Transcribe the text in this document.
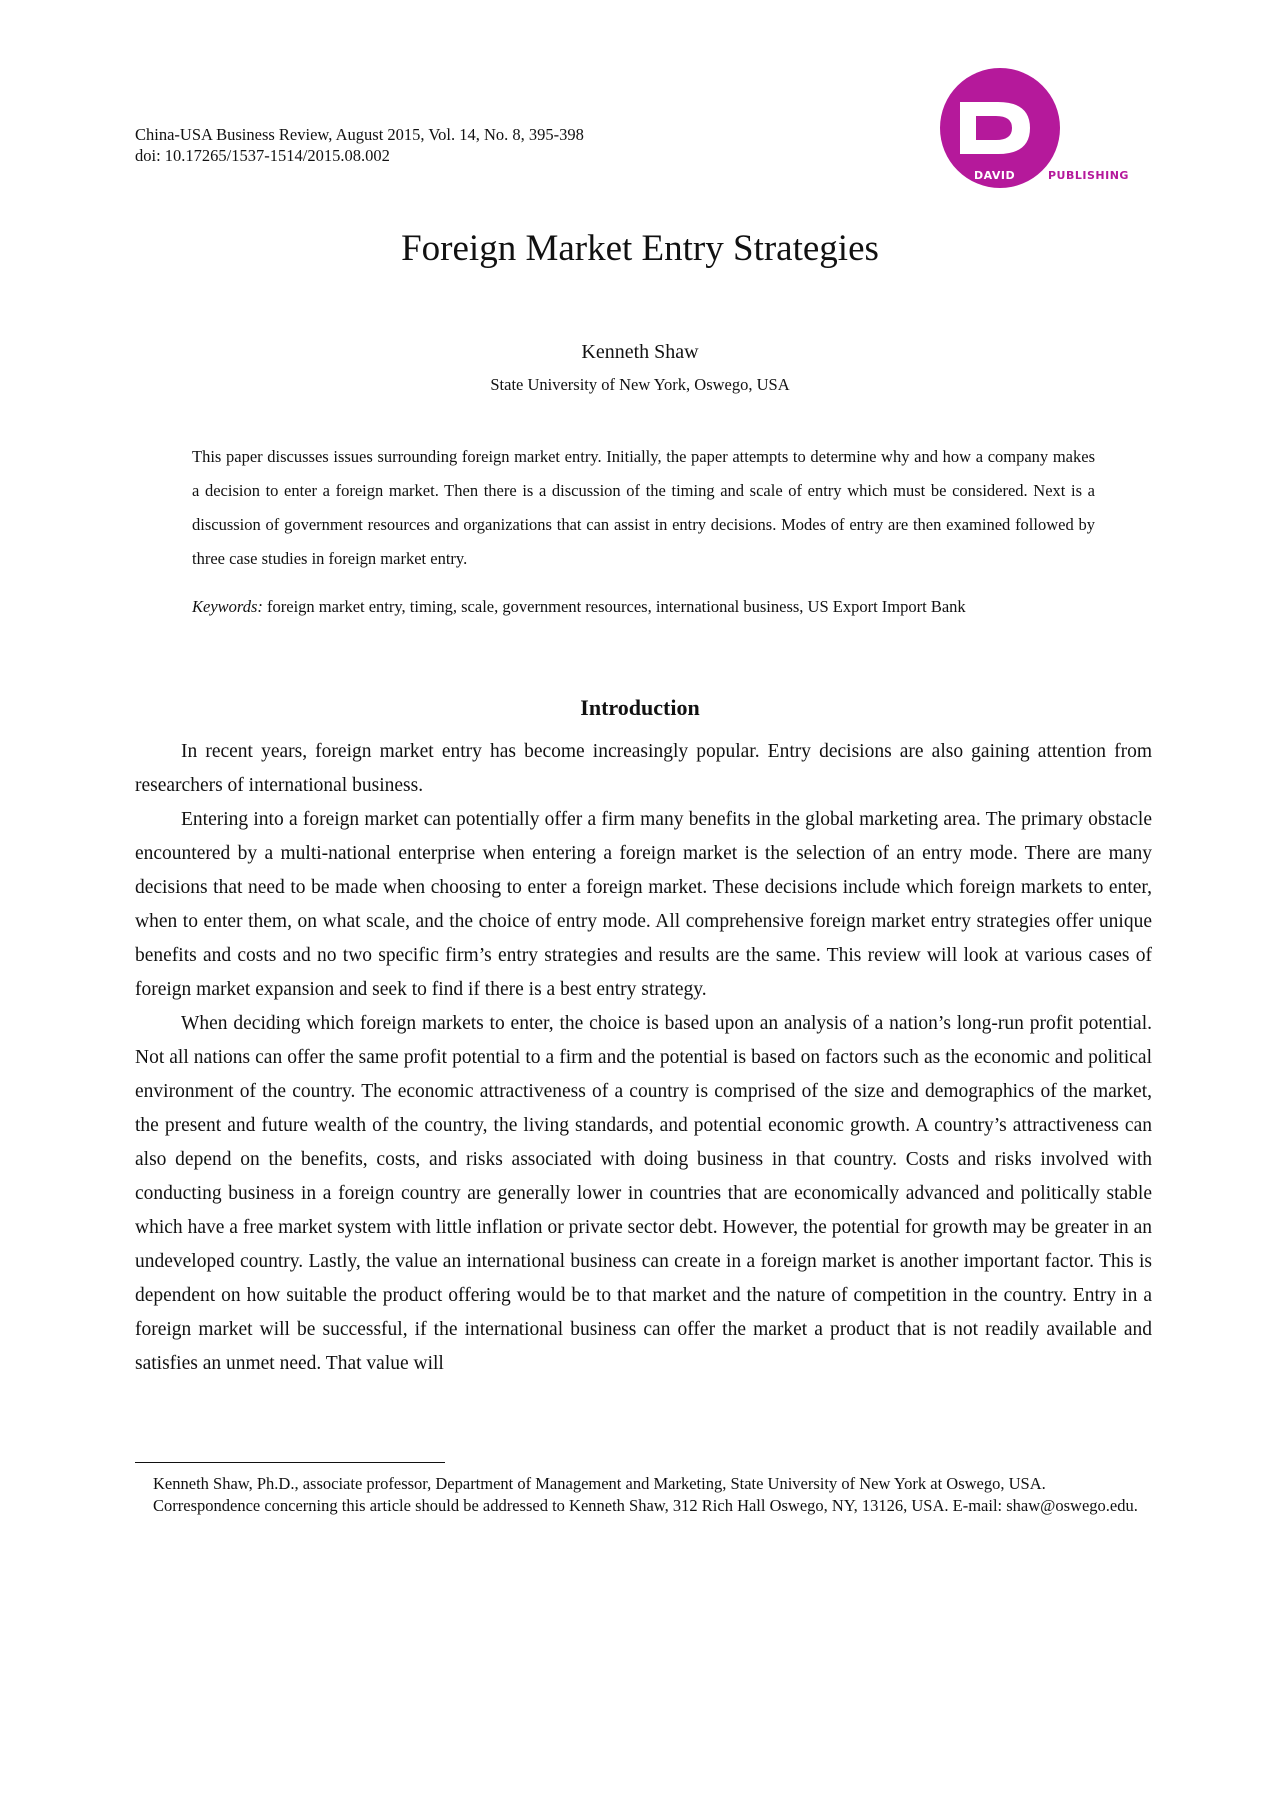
China-USA Business Review, August 2015, Vol. 14, No. 8, 395-398
doi: 10.17265/1537-1514/2015.08.002
D
DAVID	PUBLISHING
Foreign Market Entry Strategies
Kenneth Shaw
State University of New York, Oswego, USA

This paper discusses issues surrounding foreign market entry. Initially, the paper attempts to determine why and how a company makes a decision to enter a foreign market. Then there is a discussion of the timing and scale of entry which must be considered. Next is a discussion of government resources and organizations that can assist in entry decisions. Modes of entry are then examined followed by three case studies in foreign market entry.

Keywords: foreign market entry, timing, scale, government resources, international business, US Export Import Bank

Introduction

In recent years, foreign market entry has become increasingly popular. Entry decisions are also gaining attention from researchers of international business.

Entering into a foreign market can potentially offer a firm many benefits in the global marketing area. The primary obstacle encountered by a multi-national enterprise when entering a foreign market is the selection of an entry mode. There are many decisions that need to be made when choosing to enter a foreign market. These decisions include which foreign markets to enter, when to enter them, on what scale, and the choice of entry mode. All comprehensive foreign market entry strategies offer unique benefits and costs and no two specific firm’s entry strategies and results are the same. This review will look at various cases of foreign market expansion and seek to find if there is a best entry strategy.

When deciding which foreign markets to enter, the choice is based upon an analysis of a nation’s long-run profit potential. Not all nations can offer the same profit potential to a firm and the potential is based on factors such as the economic and political environment of the country. The economic attractiveness of a country is comprised of the size and demographics of the market, the present and future wealth of the country, the living standards, and potential economic growth. A country’s attractiveness can also depend on the benefits, costs, and risks associated with doing business in that country. Costs and risks involved with conducting business in a foreign country are generally lower in countries that are economically advanced and politically stable which have a free market system with little inflation or private sector debt. However, the potential for growth may be greater in an undeveloped country. Lastly, the value an international business can create in a foreign market is another important factor. This is dependent on how suitable the product offering would be to that market and the nature of competition in the country. Entry in a foreign market will be successful, if the international business can offer the market a product that is not readily available and satisfies an unmet need. That value will

Kenneth Shaw, Ph.D., associate professor, Department of Management and Marketing, State University of New York at Oswego, USA.

Correspondence concerning this article should be addressed to Kenneth Shaw, 312 Rich Hall Oswego, NY, 13126, USA. E-mail: shaw@oswego.edu.
